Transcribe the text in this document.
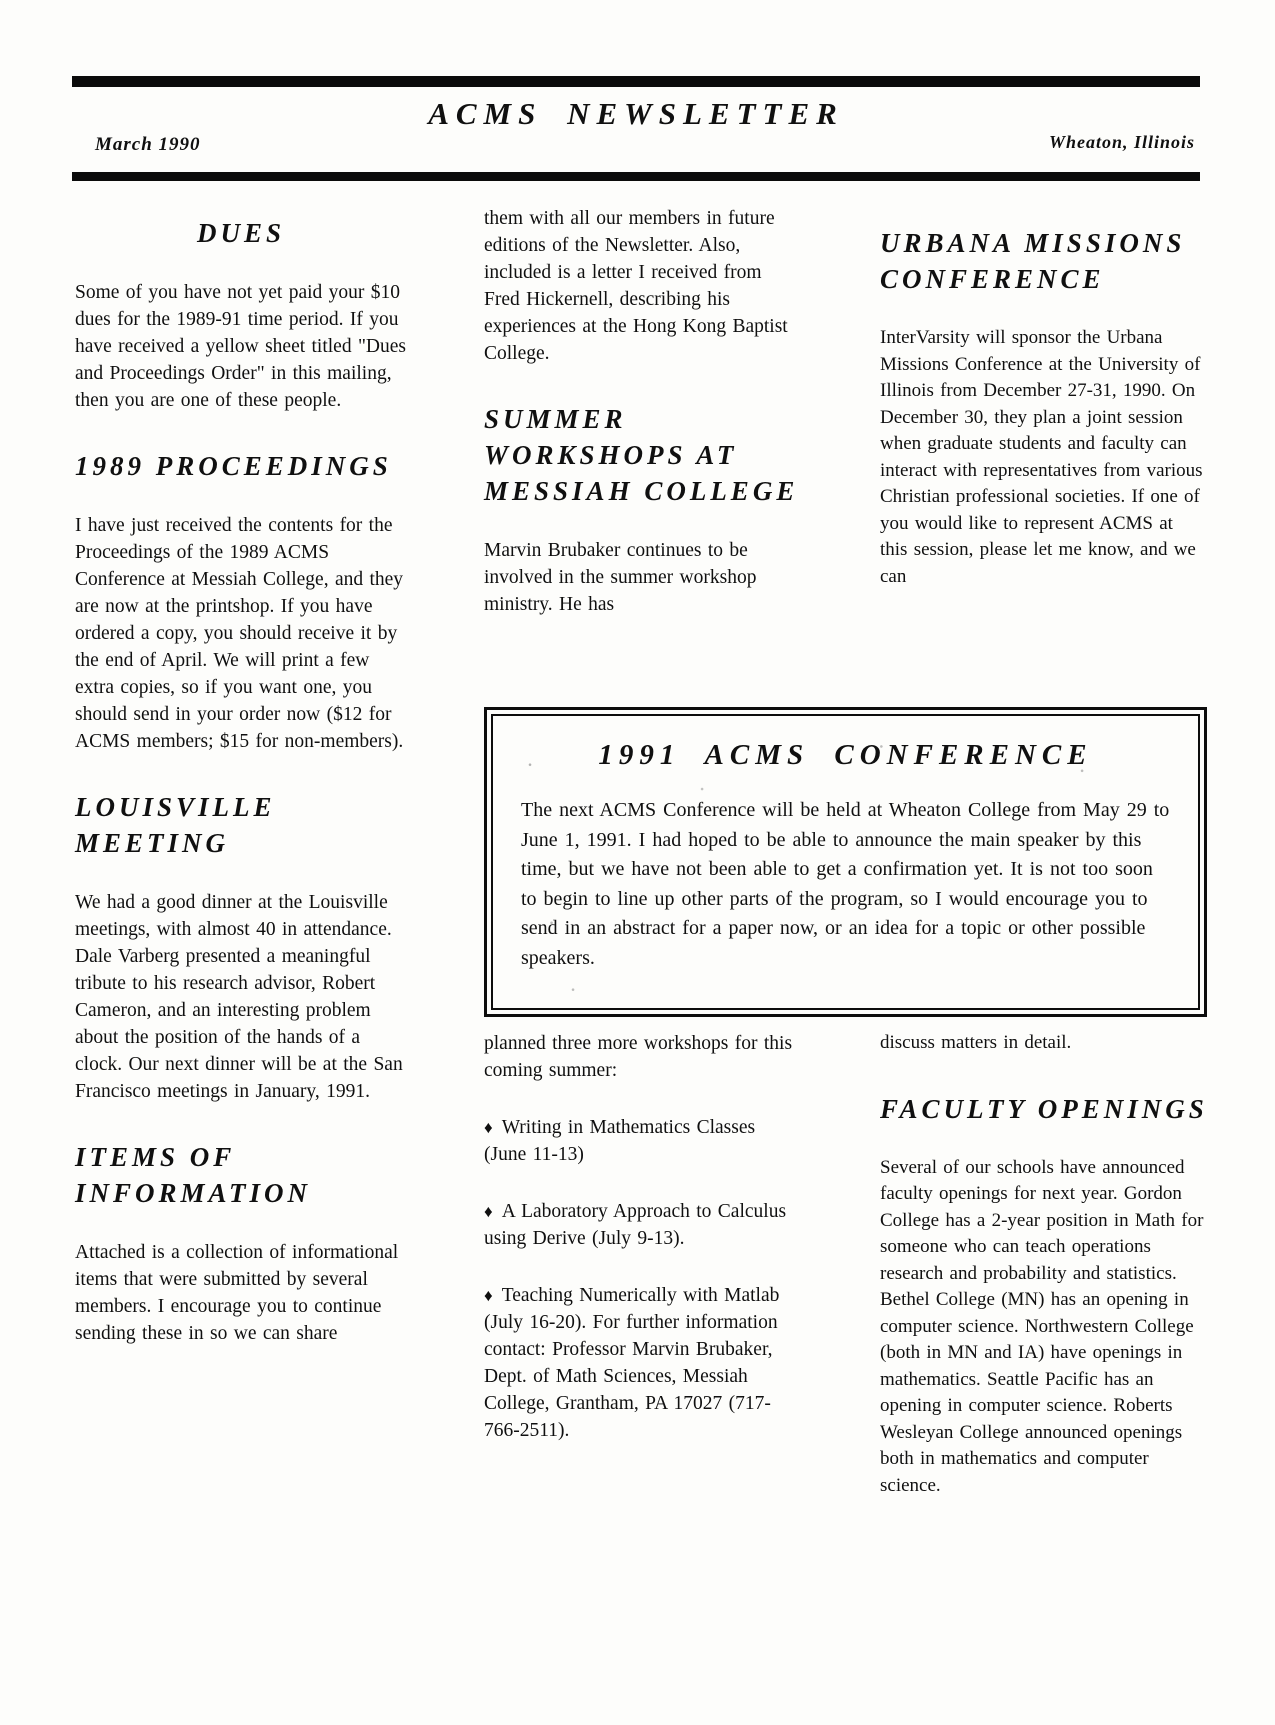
March 1990
ACMS NEWSLETTER
Wheaton, Illinois
DUES

Some of you have not yet paid your $10 dues for the 1989-91 time period. If you have received a yellow sheet titled "Dues and Proceedings Order" in this mailing, then you are one of these people.

1989 PROCEEDINGS

I have just received the contents for the Proceedings of the 1989 ACMS Conference at Messiah College, and they are now at the printshop. If you have ordered a copy, you should receive it by the end of April. We will print a few extra copies, so if you want one, you should send in your order now ($12 for ACMS members; $15 for non-members).

LOUISVILLE MEETING

We had a good dinner at the Louisville meetings, with almost 40 in attendance. Dale Varberg presented a meaningful tribute to his research advisor, Robert Cameron, and an interesting problem about the position of the hands of a clock. Our next dinner will be at the San Francisco meetings in January, 1991.

ITEMS OF INFORMATION

Attached is a collection of informational items that were submitted by several members. I encourage you to continue sending these in so we can share

them with all our members in future editions of the Newsletter. Also, included is a letter I received from Fred Hickernell, describing his experiences at the Hong Kong Baptist College.

SUMMER WORKSHOPS AT MESSIAH COLLEGE

Marvin Brubaker continues to be involved in the summer workshop ministry. He has

URBANA MISSIONS CONFERENCE

InterVarsity will sponsor the Urbana Missions Conference at the University of Illinois from December 27-31, 1990. On December 30, they plan a joint session when graduate students and faculty can interact with representatives from various Christian professional societies. If one of you would like to represent ACMS at this session, please let me know, and we can

1991 ACMS CONFERENCE

The next ACMS Conference will be held at Wheaton College from May 29 to June 1, 1991. I had hoped to be able to announce the main speaker by this time, but we have not been able to get a confirmation yet. It is not too soon to begin to line up other parts of the program, so I would encourage you to send in an abstract for a paper now, or an idea for a topic or other possible speakers.

planned three more workshops for this coming summer:

♦ Writing in Mathematics Classes (June 11-13)

♦ A Laboratory Approach to Calculus using Derive (July 9-13).

♦ Teaching Numerically with Matlab (July 16-20). For further information contact: Professor Marvin Brubaker, Dept. of Math Sciences, Messiah College, Grantham, PA 17027 (717-766-2511).

discuss matters in detail.

FACULTY OPENINGS

Several of our schools have announced faculty openings for next year. Gordon College has a 2-year position in Math for someone who can teach operations research and probability and statistics. Bethel College (MN) has an opening in computer science. Northwestern College (both in MN and IA) have openings in mathematics. Seattle Pacific has an opening in computer science. Roberts Wesleyan College announced openings both in mathematics and computer science.
